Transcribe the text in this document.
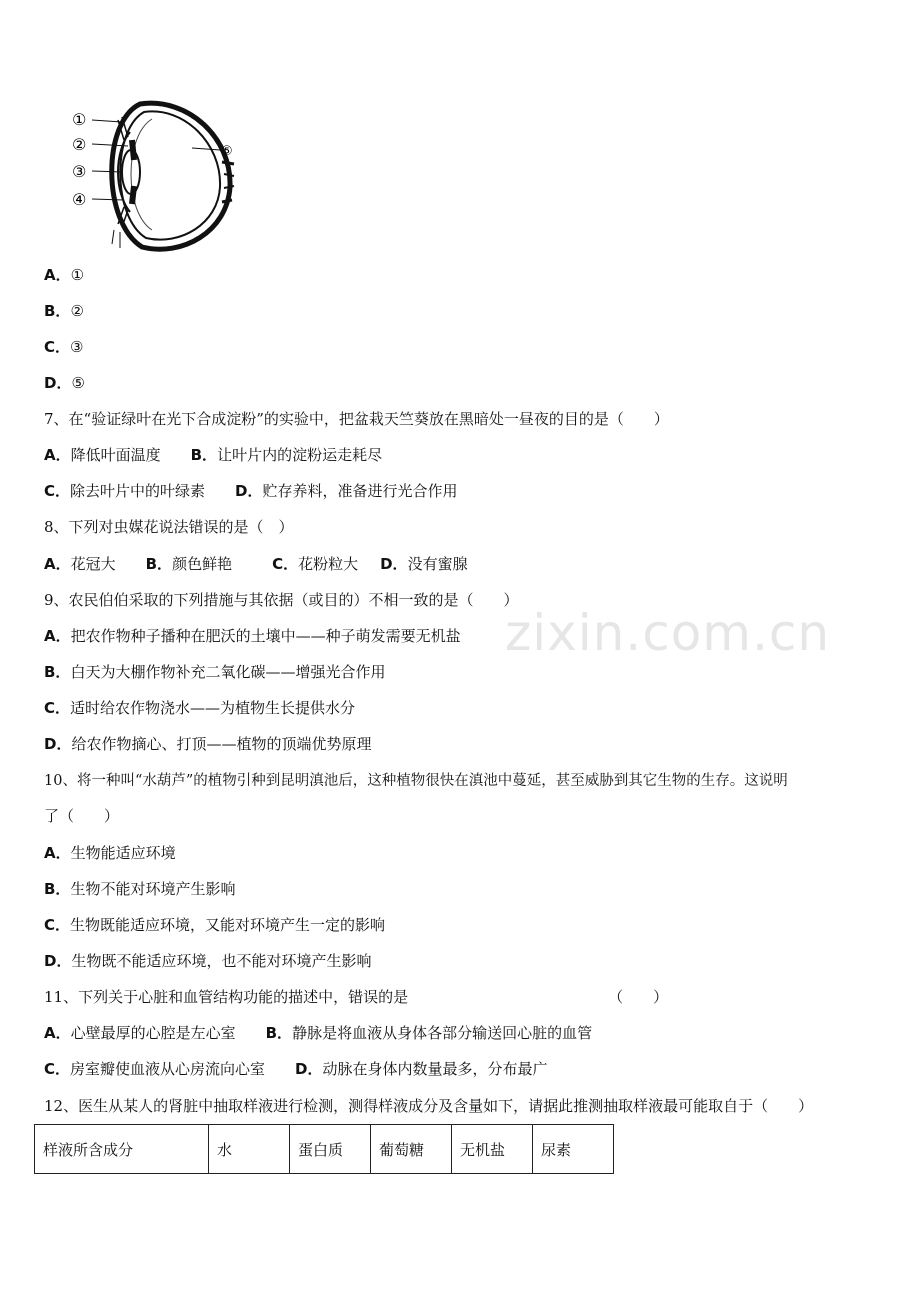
①
②
③
④
⑤
A．①
B．②
C．③
D．⑤
7、在“验证绿叶在光下合成淀粉”的实验中，把盆栽天竺葵放在黑暗处一昼夜的目的是（　　）
A．降低叶面温度 B．让叶片内的淀粉运走耗尽
C．除去叶片中的叶绿素 D．贮存养料，准备进行光合作用
8、下列对虫媒花说法错误的是（　）
A．花冠大 B．颜色鲜艳	C．花粉粒大 D．没有蜜腺
9、农民伯伯采取的下列措施与其依据（或目的）不相一致的是（　　）
zixin.com.cn
A．把农作物种子播种在肥沃的土壤中——种子萌发需要无机盐
B．白天为大棚作物补充二氧化碳——增强光合作用
C．适时给农作物浇水——为植物生长提供水分
D．给农作物摘心、打顶——植物的顶端优势原理
10、将一种叫“水葫芦”的植物引种到昆明滇池后，这种植物很快在滇池中蔓延，甚至威胁到其它生物的生存。这说明
了（　　）
A．生物能适应环境
B．生物不能对环境产生影响
C．生物既能适应环境，又能对环境产生一定的影响
D．生物既不能适应环境，也不能对环境产生影响
11、下列关于心脏和血管结构功能的描述中，错误的是	（　　）
A．心壁最厚的心腔是左心室 B．静脉是将血液从身体各部分输送回心脏的血管
C．房室瓣使血液从心房流向心室 D．动脉在身体内数量最多，分布最广
12、医生从某人的肾脏中抽取样液进行检测，测得样液成分及含量如下，请据此推测抽取样液最可能取自于（　　）
样液所含成分	水	蛋白质	葡萄糖	无机盐	尿素
